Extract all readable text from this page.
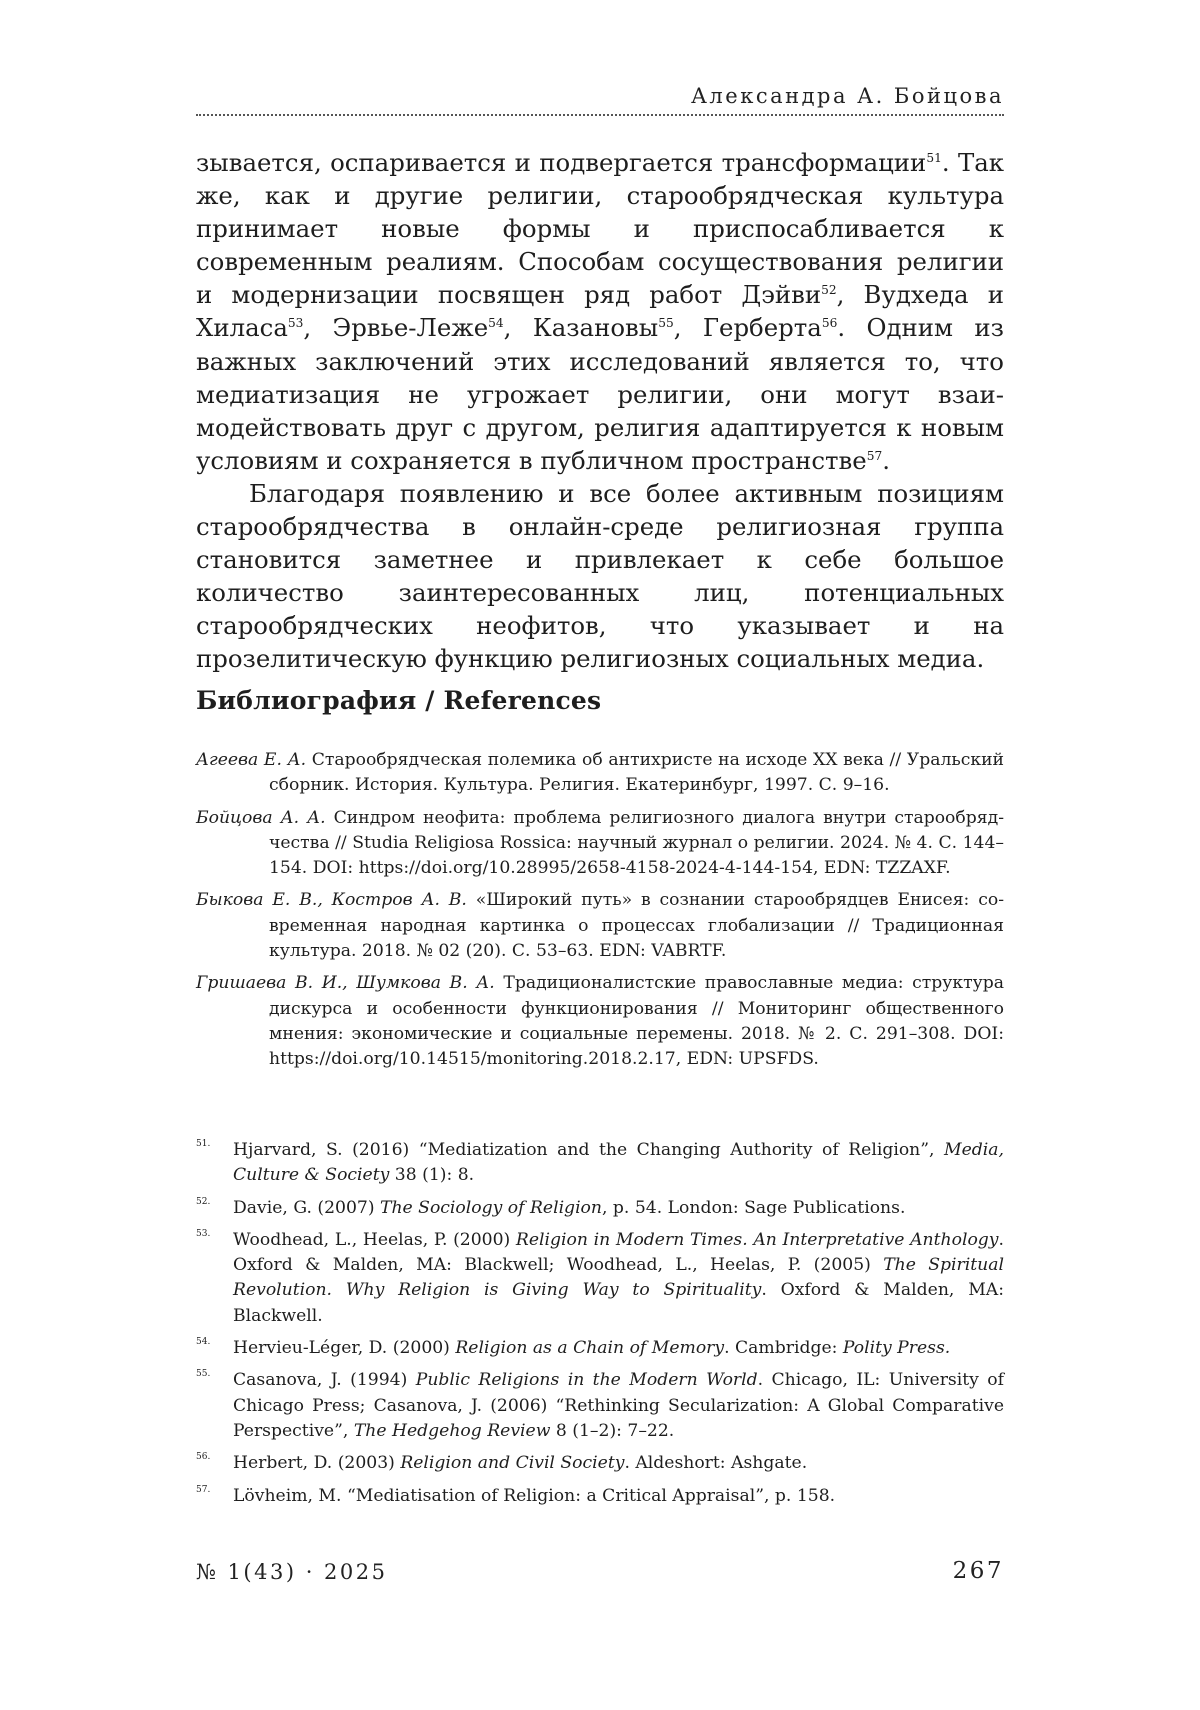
Александра А. Бойцова

зывается, оспаривается и подвергается трансформации$^{51}$. Так же, как и другие религии, старообрядческая культура принимает новые формы и приспосабливается к современным реалиям. Способам сосуществования религии и модернизации посвящен ряд работ Дэйви$^{52}$, Вудхеда и Хиласа$^{53}$, Эрвье-Леже$^{54}$, Казановы$^{55}$, Герберта$^{56}$. Одним из важных заключений этих исследований является то, что медиатизация не угрожает религии, они могут взаимодействовать друг с другом, религия адаптируется к новым условиям и сохраняется в публичном пространстве$^{57}$.

Благодаря появлению и все более активным позициям старообрядчества в онлайн-среде религиозная группа становится заметнее и привлекает к себе большое количество заинтересованных лиц, потенциальных старообрядческих неофитов, что указывает и на прозелитическую функцию религиозных социальных медиа.

Библиография / References
Агеева Е. А. Старообрядческая полемика об антихристе на исходе XX века // Уральский сборник. История. Культура. Религия. Екатеринбург, 1997. С. 9–16.
Бойцова А. А. Синдром неофита: проблема религиозного диалога внутри старообрядчества // Studia Religiosa Rossica: научный журнал о религии. 2024. № 4. С. 144–154. DOI: https://doi.org/10.28995/2658-4158-2024-4-144-154, EDN: TZZAXF.
Быкова Е. В., Костров А. В. «Широкий путь» в сознании старообрядцев Енисея: современная народная картинка о процессах глобализации // Традиционная культура. 2018. № 02 (20). С. 53–63. EDN: VABRTF.
Гришаева В. И., Шумкова В. А. Традиционалистские православные медиа: структура дискурса и особенности функционирования // Мониторинг общественного мнения: экономические и социальные перемены. 2018. № 2. С. 291–308. DOI: https://doi.org/10.14515/monitoring.2018.2.17, EDN: UPSFDS.
51. Hjarvard, S. (2016) “Mediatization and the Changing Authority of Religion”, Media, Culture & Society 38 (1): 8.
52. Davie, G. (2007) The Sociology of Religion, p. 54. London: Sage Publications.
53. Woodhead, L., Heelas, P. (2000) Religion in Modern Times. An Interpretative Anthology. Oxford & Malden, MA: Blackwell; Woodhead, L., Heelas, P. (2005) The Spiritual Revolution. Why Religion is Giving Way to Spirituality. Oxford & Malden, MA: Blackwell.
54. Hervieu-Léger, D. (2000) Religion as a Chain of Memory. Cambridge: Polity Press.
55. Casanova, J. (1994) Public Religions in the Modern World. Chicago, IL: University of Chicago Press; Casanova, J. (2006) “Rethinking Secularization: A Global Comparative Perspective”, The Hedgehog Review 8 (1–2): 7–22.
56. Herbert, D. (2003) Religion and Civil Society. Aldeshort: Ashgate.
57. Lövheim, M. “Mediatisation of Religion: a Critical Appraisal”, p. 158.
№ 1(43) · 2025	267
